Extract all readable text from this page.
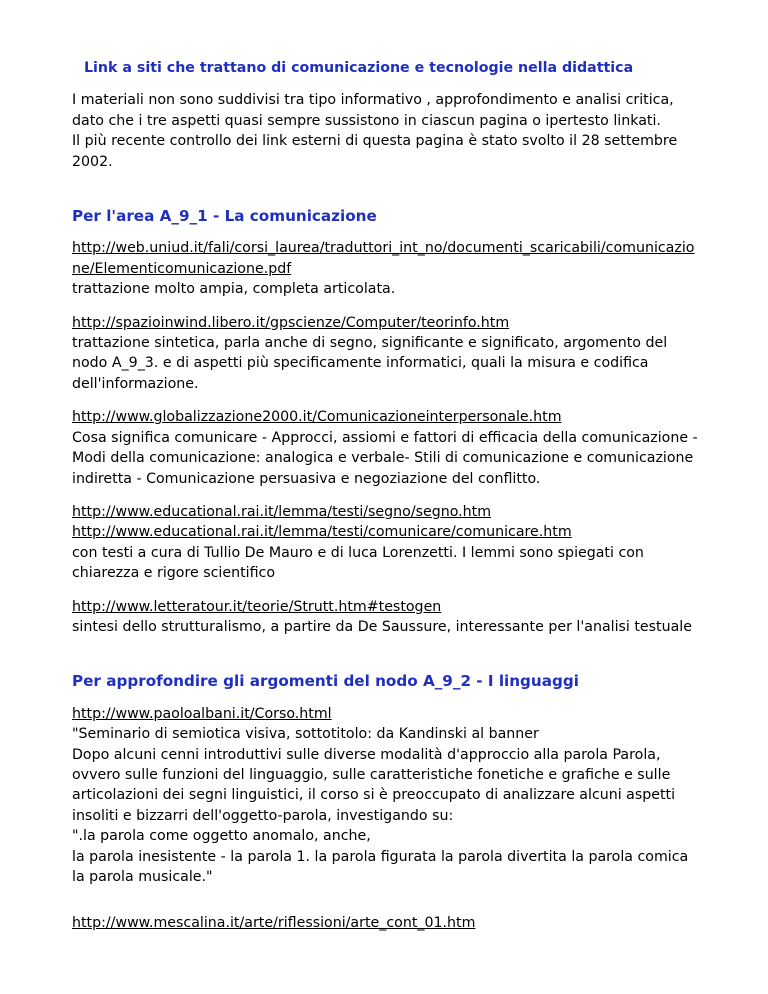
Link a siti che trattano di comunicazione e tecnologie nella didattica

I materiali non sono suddivisi tra tipo informativo , approfondimento e analisi critica, dato che i tre aspetti quasi sempre sussistono in ciascun pagina o ipertesto linkati.

Il più recente controllo dei link esterni di questa pagina è stato svolto il 28 settembre 2002.

Per l'area A_9_1 - La comunicazione
http://web.uniud.it/fali/corsi_laurea/traduttori_int_no/documenti_scaricabili/comunicazione/Elementicomunicazione.pdf

trattazione molto ampia, completa articolata.

http://spazioinwind.libero.it/gpscienze/Computer/teorinfo.htm

trattazione sintetica, parla anche di segno, significante e significato, argomento del nodo A_9_3. e di aspetti più specificamente informatici, quali la misura e codifica dell'informazione.

http://www.globalizzazione2000.it/Comunicazioneinterpersonale.htm

Cosa significa comunicare - Approcci, assiomi e fattori di efficacia della comunicazione - Modi della comunicazione: analogica e verbale- Stili di comunicazione e comunicazione indiretta - Comunicazione persuasiva e negoziazione del conflitto.

http://www.educational.rai.it/lemma/testi/segno/segno.htm
http://www.educational.rai.it/lemma/testi/comunicare/comunicare.htm

con testi a cura di Tullio De Mauro e di luca Lorenzetti. I lemmi sono spiegati con chiarezza e rigore scientifico

http://www.letteratour.it/teorie/Strutt.htm#testogen

sintesi dello strutturalismo, a partire da De Saussure, interessante per l'analisi testuale

Per approfondire gli argomenti del nodo A_9_2 - I linguaggi
http://www.paoloalbani.it/Corso.html

"Seminario di semiotica visiva, sottotitolo: da Kandinski al banner

Dopo alcuni cenni introduttivi sulle diverse modalità d'approccio alla parola Parola, ovvero sulle funzioni del linguaggio, sulle caratteristiche fonetiche e grafiche e sulle articolazioni dei segni linguistici, il corso si è preoccupato di analizzare alcuni aspetti insoliti e bizzarri dell'oggetto-parola, investigando su:

".la parola come oggetto anomalo, anche,

la parola inesistente - la parola 1. la parola figurata la parola divertita la parola comica la parola musicale."

http://www.mescalina.it/arte/riflessioni/arte_cont_01.htm
